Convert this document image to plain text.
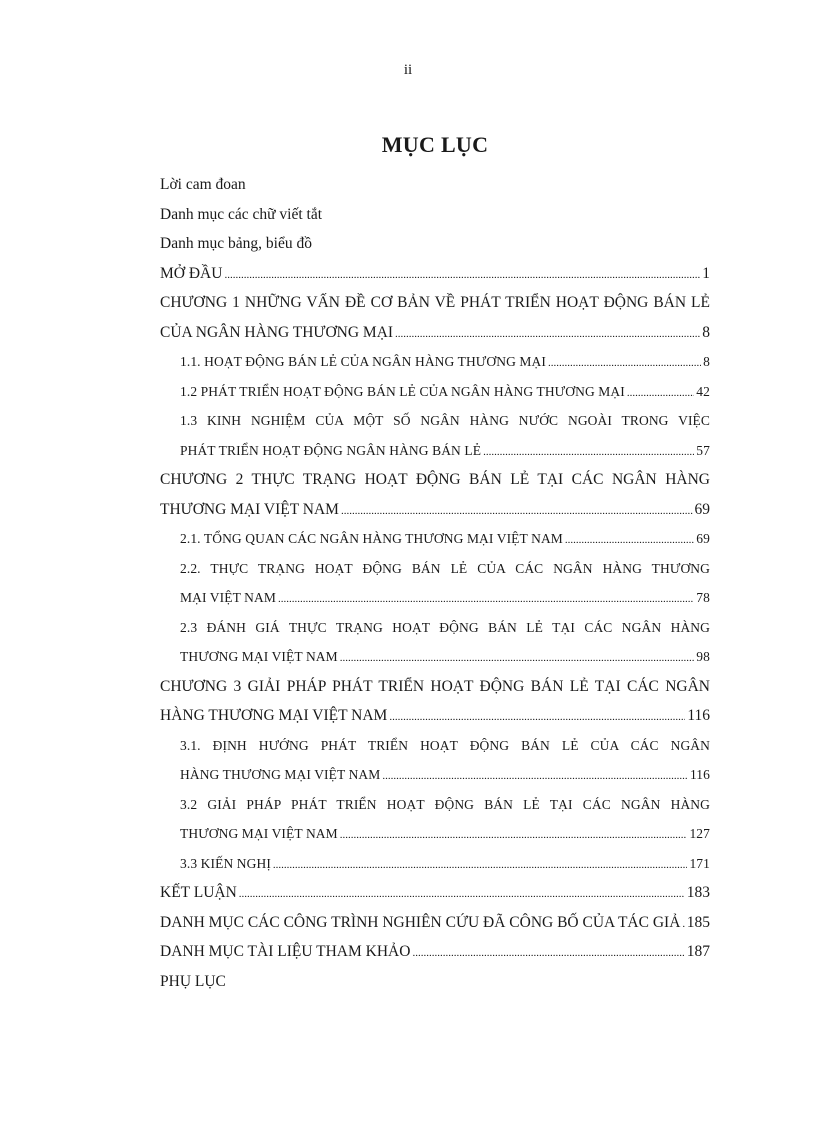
ii
MỤC LỤC
Lời cam đoan
Danh mục các chữ viết tắt
Danh mục bảng, biểu đồ
MỞ ĐẦU .....	1
CHƯƠNG 1 NHỮNG VẤN ĐỀ CƠ BẢN VỀ PHÁT TRIỂN HOẠT ĐỘNG BÁN LẺ
CỦA NGÂN HÀNG THƯƠNG MẠI .....	8
1.1. HOẠT ĐỘNG BÁN LẺ CỦA NGÂN HÀNG THƯƠNG MẠI .....	8
1.2 PHÁT TRIỂN HOẠT ĐỘNG BÁN LẺ CỦA NGÂN HÀNG THƯƠNG MẠI .....	42
1.3 KINH NGHIỆM CỦA MỘT SỐ NGÂN HÀNG NƯỚC NGOÀI TRONG VIỆC
PHÁT TRIỂN HOẠT ĐỘNG NGÂN HÀNG BÁN LẺ .....	57
CHƯƠNG 2 THỰC TRẠNG HOẠT ĐỘNG BÁN LẺ TẠI CÁC NGÂN HÀNG
THƯƠNG MẠI VIỆT NAM .....	69
2.1. TỔNG QUAN CÁC NGÂN HÀNG THƯƠNG MẠI VIỆT NAM .....	69
2.2. THỰC TRẠNG HOẠT ĐỘNG BÁN LẺ CỦA CÁC NGÂN HÀNG THƯƠNG
MẠI VIỆT NAM .....	78
2.3 ĐÁNH GIÁ THỰC TRẠNG HOẠT ĐỘNG BÁN LẺ TẠI CÁC NGÂN HÀNG
THƯƠNG MẠI VIỆT NAM .....	98
CHƯƠNG 3 GIẢI PHÁP PHÁT TRIỂN HOẠT ĐỘNG BÁN LẺ TẠI CÁC NGÂN
HÀNG THƯƠNG MẠI VIỆT NAM .....	116
3.1. ĐỊNH HƯỚNG PHÁT TRIỂN HOẠT ĐỘNG BÁN LẺ CỦA CÁC NGÂN
HÀNG THƯƠNG MẠI VIỆT NAM .....	116
3.2 GIẢI PHÁP PHÁT TRIỂN HOẠT ĐỘNG BÁN LẺ TẠI CÁC NGÂN HÀNG
THƯƠNG MẠI VIỆT NAM .....	127
3.3 KIẾN NGHỊ .....	171
KẾT LUẬN .....	183
DANH MỤC CÁC CÔNG TRÌNH NGHIÊN CỨU ĐÃ CÔNG BỐ CỦA TÁC GIẢ ..... 185
DANH MỤC TÀI LIỆU THAM KHẢO .....	187
PHỤ LỤC
